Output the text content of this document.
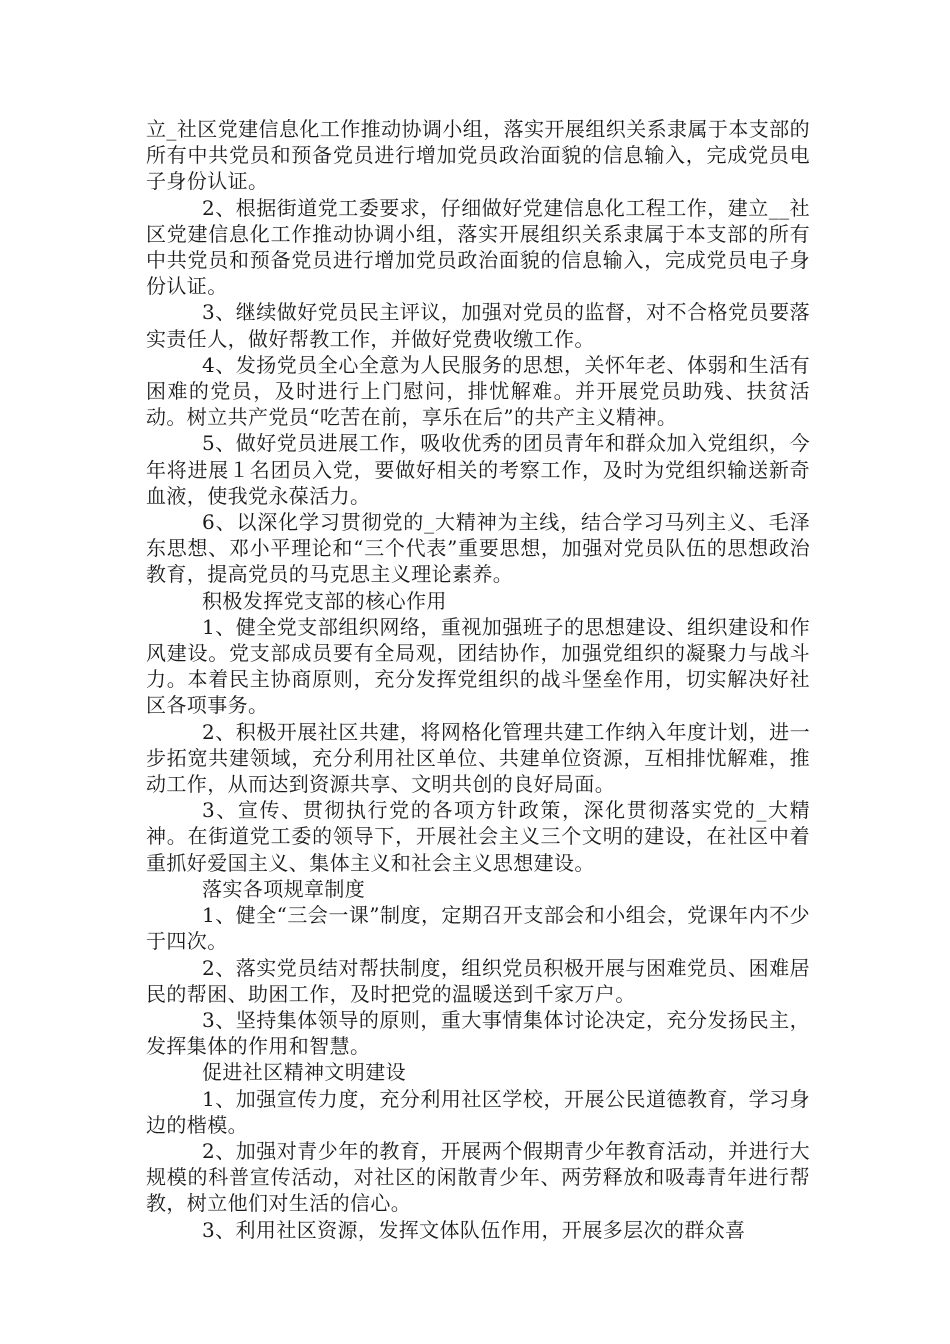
立_社区党建信息化工作推动协调小组，落实开展组织关系隶属于本支部的所有中共党员和预备党员进行增加党员政治面貌的信息输入，完成党员电子身份认证。

2、根据街道党工委要求，仔细做好党建信息化工程工作，建立__社区党建信息化工作推动协调小组，落实开展组织关系隶属于本支部的所有中共党员和预备党员进行增加党员政治面貌的信息输入，完成党员电子身份认证。

3、继续做好党员民主评议，加强对党员的监督，对不合格党员要落实责任人，做好帮教工作，并做好党费收缴工作。

4、发扬党员全心全意为人民服务的思想，关怀年老、体弱和生活有困难的党员，及时进行上门慰问，排忧解难。并开展党员助残、扶贫活动。树立共产党员“吃苦在前，享乐在后”的共产主义精神。

5、做好党员进展工作，吸收优秀的团员青年和群众加入党组织，今年将进展１名团员入党，要做好相关的考察工作，及时为党组织输送新奇血液，使我党永葆活力。

6、以深化学习贯彻党的_大精神为主线，结合学习马列主义、毛泽东思想、邓小平理论和“三个代表”重要思想，加强对党员队伍的思想政治教育，提高党员的马克思主义理论素养。

积极发挥党支部的核心作用

1、健全党支部组织网络，重视加强班子的思想建设、组织建设和作风建设。党支部成员要有全局观，团结协作，加强党组织的凝聚力与战斗力。本着民主协商原则，充分发挥党组织的战斗堡垒作用，切实解决好社区各项事务。

2、积极开展社区共建，将网格化管理共建工作纳入年度计划，进一步拓宽共建领域，充分利用社区单位、共建单位资源，互相排忧解难，推动工作，从而达到资源共享、文明共创的良好局面。

3、宣传、贯彻执行党的各项方针政策，深化贯彻落实党的_大精神。在街道党工委的领导下，开展社会主义三个文明的建设，在社区中着重抓好爱国主义、集体主义和社会主义思想建设。

落实各项规章制度

1、健全“三会一课”制度，定期召开支部会和小组会，党课年内不少于四次。

2、落实党员结对帮扶制度，组织党员积极开展与困难党员、困难居民的帮困、助困工作，及时把党的温暖送到千家万户。

3、坚持集体领导的原则，重大事情集体讨论决定，充分发扬民主，发挥集体的作用和智慧。

促进社区精神文明建设

1、加强宣传力度，充分利用社区学校，开展公民道德教育，学习身边的楷模。

2、加强对青少年的教育，开展两个假期青少年教育活动，并进行大规模的科普宣传活动，对社区的闲散青少年、两劳释放和吸毒青年进行帮教，树立他们对生活的信心。

3、利用社区资源，发挥文体队伍作用，开展多层次的群众喜
